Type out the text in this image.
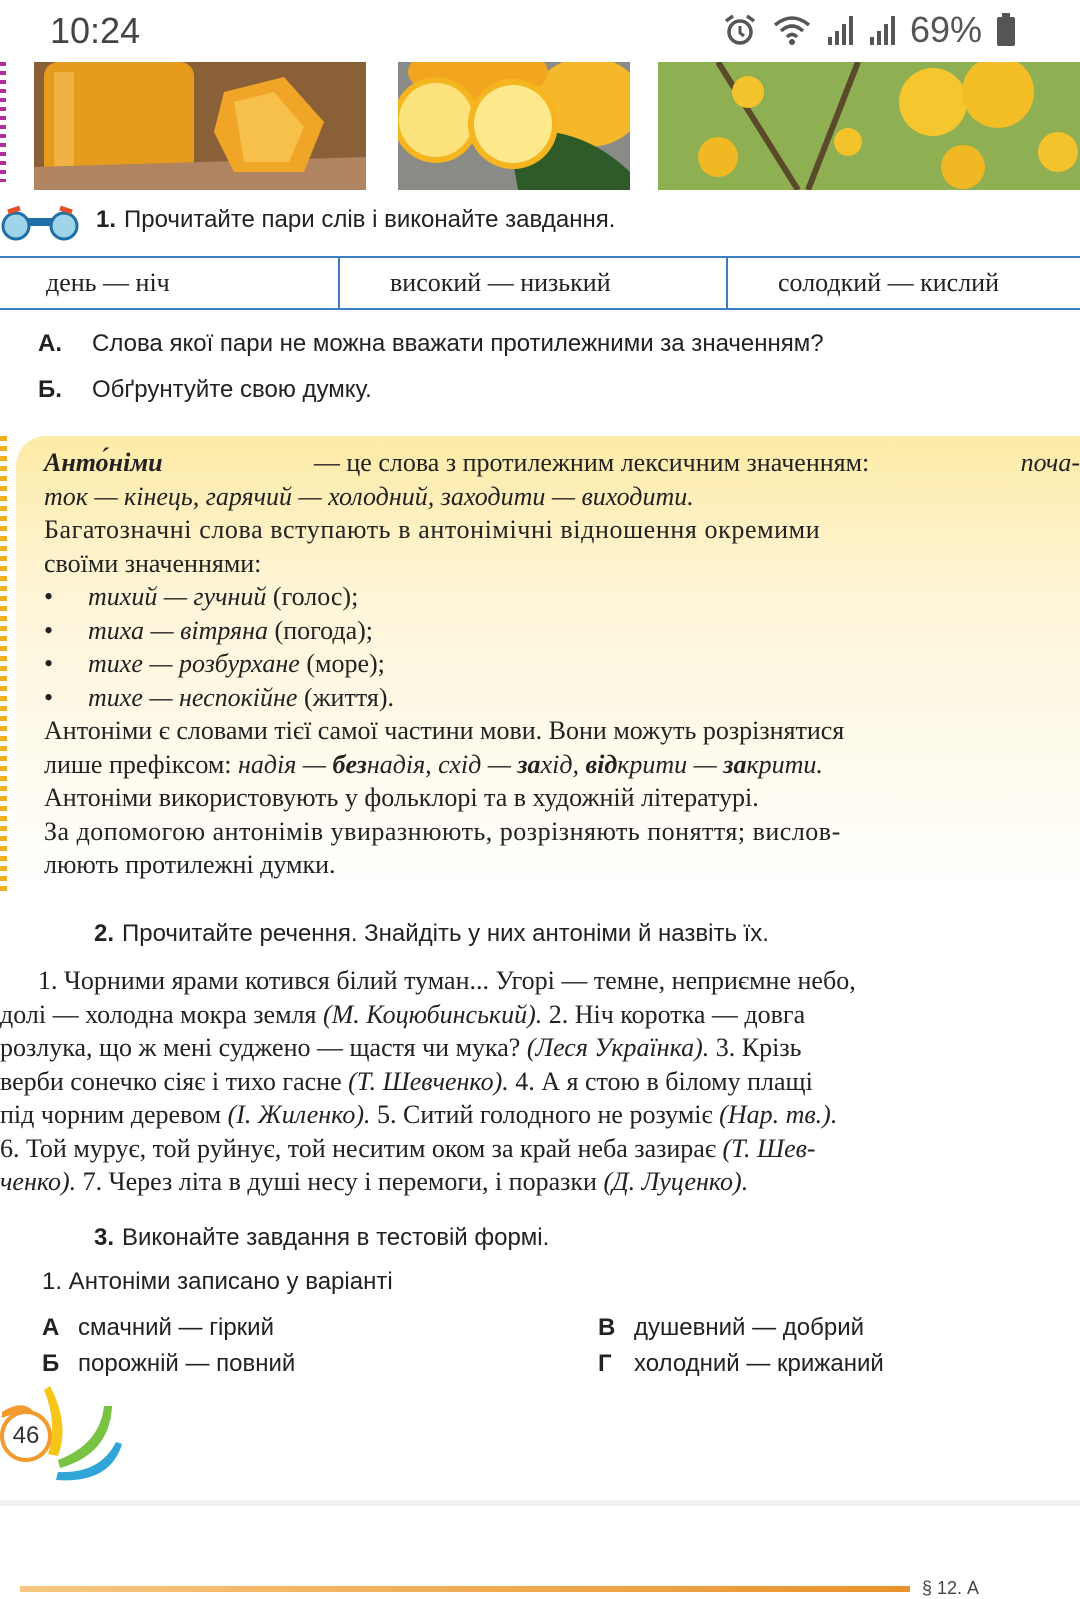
10:24	69%
1. Прочитайте пари слів і виконайте завдання.
день — ніч	високий — низький	солодкий — кислий
А. Слова якої пари не можна вважати протилежними за значенням?
Б. Обґрунтуйте свою думку.
Анто́німи	— це слова з протилежним лексичним значенням:	поча-
ток — кінець, гарячий — холодний, заходити — виходити.
Багатозначні слова вступають в антонімічні відношення окремими
своїми значеннями:
• тихий — гучний (голос);
• тиха — вітряна (погода);
• тихе — розбурхане (море);
• тихе — неспокійне (життя).
Антоніми є словами тієї самої частини мови. Вони можуть розрізнятися
лише префіксом: надія — безнадія, схід — захід, відкрити — закрити.
Антоніми використовують у фольклорі та в художній літературі.
За допомогою антонімів увиразнюють, розрізняють поняття; вислов-
люють протилежні думки.
2. Прочитайте речення. Знайдіть у них антоніми й назвіть їх.
1. Чорними ярами котився білий туман... Угорі — темне, неприємне небо,
долі — холодна мокра земля (М. Коцюбинський). 2. Ніч коротка — довга
розлука, що ж мені суджено — щастя чи мука? (Леся Українка). 3. Крізь
верби сонечко сіяє і тихо гасне (Т. Шевченко). 4. А я стою в білому плащі
під чорним деревом (І. Жиленко). 5. Ситий голодного не розуміє (Нар. тв.).
6. Той мурує, той руйнує, той неситим оком за край неба зазирає (Т. Шев-
ченко). 7. Через літа в душі несу і перемоги, і поразки (Д. Луценко).
3. Виконайте завдання в тестовій формі.
1. Антоніми записано у варіанті
А смачний — гіркий
Б порожній — повний
В душевний — добрий
Г холодний — крижаний
46
§ 12. А
